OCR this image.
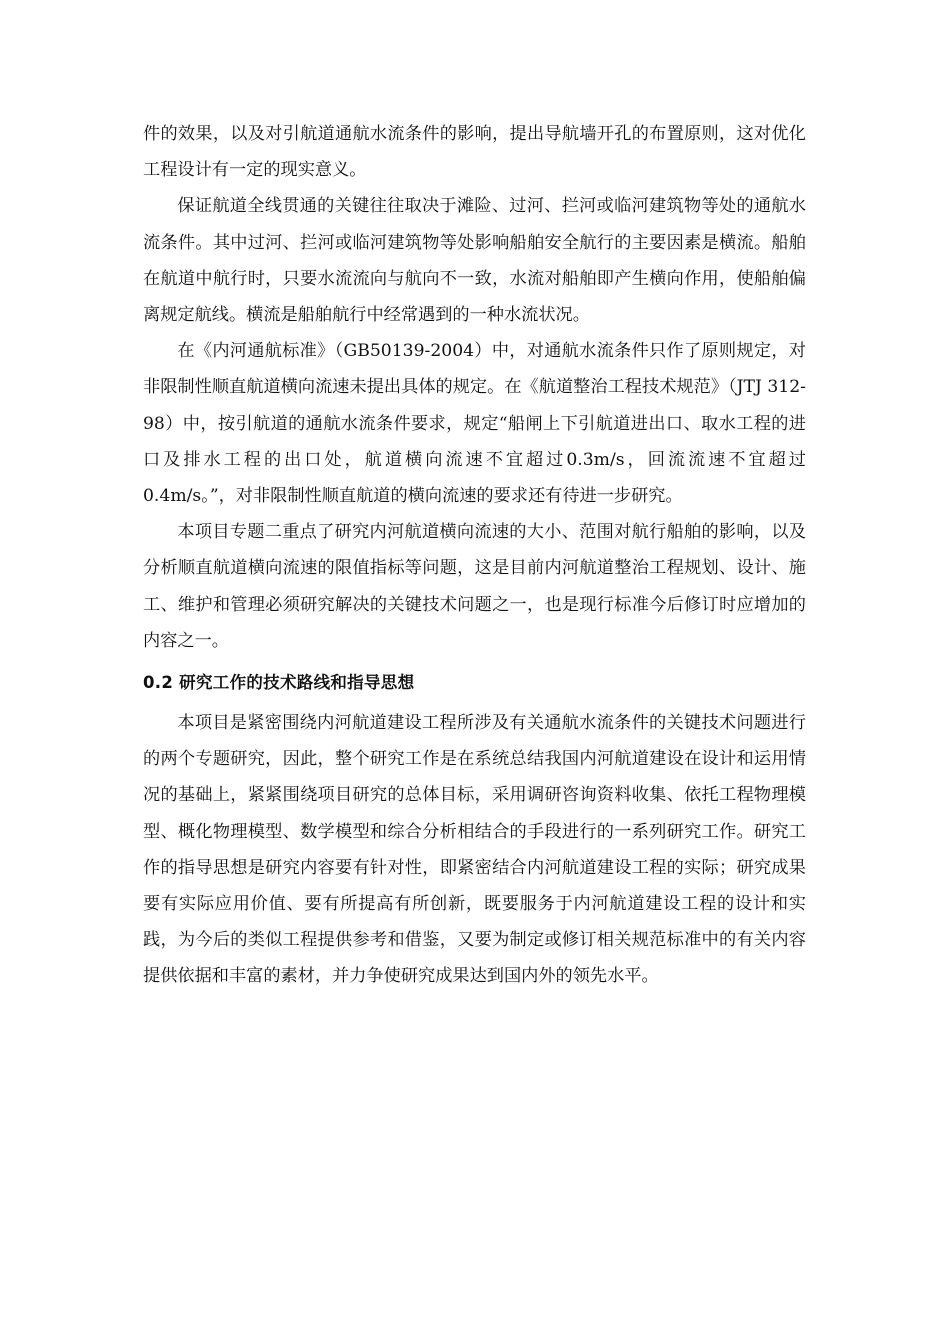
件的效果，以及对引航道通航水流条件的影响，提出导航墙开孔的布置原则，这对优化工程设计有一定的现实意义。

保证航道全线贯通的关键往往取决于滩险、过河、拦河或临河建筑物等处的通航水流条件。其中过河、拦河或临河建筑物等处影响船舶安全航行的主要因素是横流。船舶在航道中航行时，只要水流流向与航向不一致，水流对船舶即产生横向作用，使船舶偏离规定航线。横流是船舶航行中经常遇到的一种水流状况。

在《内河通航标准》（GB50139-2004）中，对通航水流条件只作了原则规定，对非限制性顺直航道横向流速未提出具体的规定。在《航道整治工程技术规范》（JTJ 312-98）中，按引航道的通航水流条件要求，规定“船闸上下引航道进出口、取水工程的进口及排水工程的出口处，航道横向流速不宜超过0.3m/s，回流流速不宜超过0.4m/s。”，对非限制性顺直航道的横向流速的要求还有待进一步研究。

本项目专题二重点了研究内河航道横向流速的大小、范围对航行船舶的影响，以及分析顺直航道横向流速的限值指标等问题，这是目前内河航道整治工程规划、设计、施工、维护和管理必须研究解决的关键技术问题之一，也是现行标准今后修订时应增加的内容之一。

0.2 研究工作的技术路线和指导思想

本项目是紧密围绕内河航道建设工程所涉及有关通航水流条件的关键技术问题进行的两个专题研究，因此，整个研究工作是在系统总结我国内河航道建设在设计和运用情况的基础上，紧紧围绕项目研究的总体目标，采用调研咨询资料收集、依托工程物理模型、概化物理模型、数学模型和综合分析相结合的手段进行的一系列研究工作。研究工作的指导思想是研究内容要有针对性，即紧密结合内河航道建设工程的实际；研究成果要有实际应用价值、要有所提高有所创新，既要服务于内河航道建设工程的设计和实践，为今后的类似工程提供参考和借鉴，又要为制定或修订相关规范标准中的有关内容提供依据和丰富的素材，并力争使研究成果达到国内外的领先水平。
